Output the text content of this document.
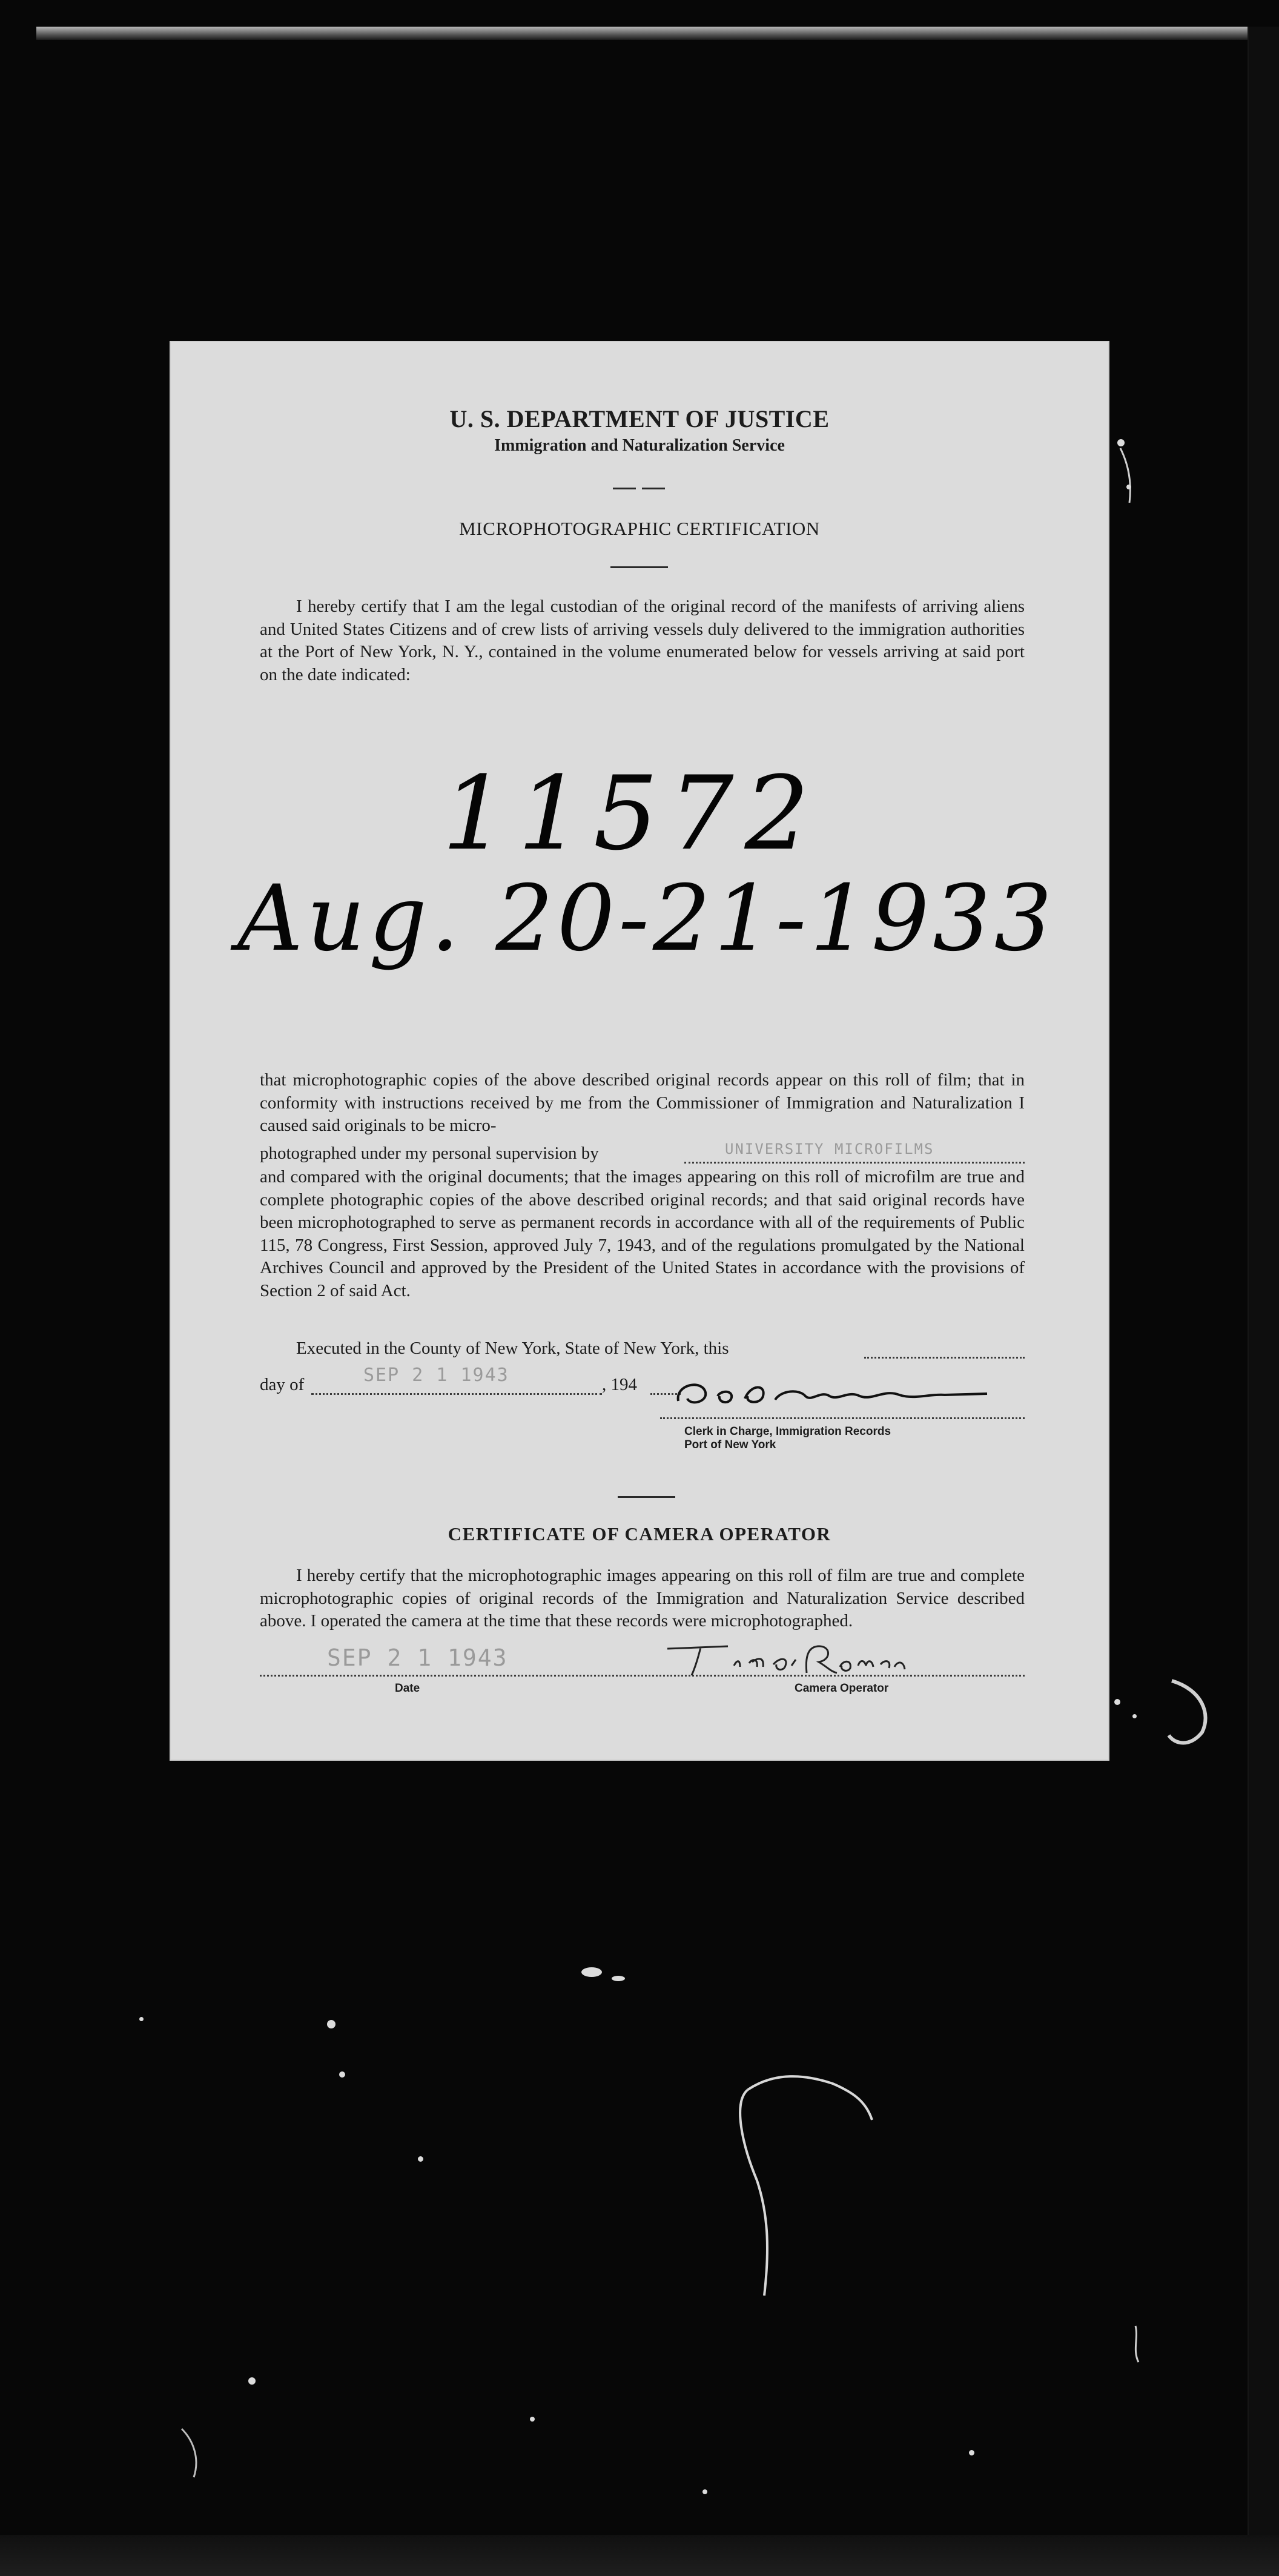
U. S. DEPARTMENT OF JUSTICE
Immigration and Naturalization Service
MICROPHOTOGRAPHIC CERTIFICATION

I hereby certify that I am the legal custodian of the original record of the manifests of arriving aliens and United States Citizens and of crew lists of arriving vessels duly delivered to the immigration authorities at the Port of New York, N. Y., contained in the volume enumerated below for vessels arriving at said port on the date indicated:

11572
Aug. 20-21-1933

that microphotographic copies of the above described original records appear on this roll of film; that in conformity with instructions received by me from the Commissioner of Immigration and Naturalization I caused said originals to be micro-

photographed under my personal supervision by	UNIVERSITY MICROFILMS

and compared with the original documents; that the images appearing on this roll of microfilm are true and complete photographic copies of the above described original records; and that said original records have been microphotographed to serve as permanent records in accordance with all of the requirements of Public 115, 78 Congress, First Session, approved July 7, 1943, and of the regulations promulgated by the National Archives Council and approved by the President of the United States in accordance with the provisions of Section 2 of said Act.

Executed in the County of New York, State of New York, this
day of	SEP 2 1 1943	, 194
Clerk in Charge, Immigration Records
Port of New York
CERTIFICATE OF CAMERA OPERATOR

I hereby certify that the microphotographic images appearing on this roll of film are true and complete microphotographic copies of original records of the Immigration and Naturalization Service described above. I operated the camera at the time that these records were microphotographed.

SEP 2 1 1943
Date	Camera Operator
